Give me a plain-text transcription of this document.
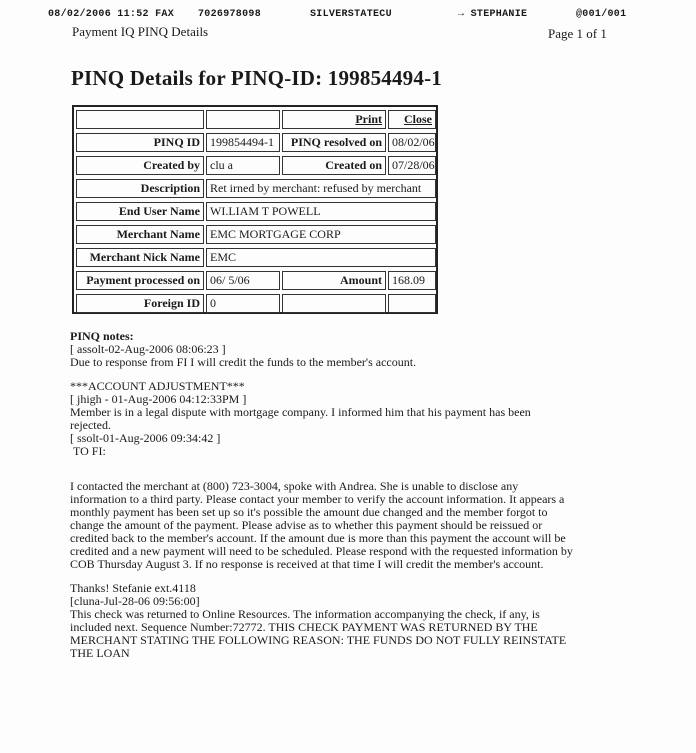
08/02/2006 11:52 FAX 7026978098	SILVERSTATECU	→ STEPHANIE	@001/001
Payment IQ PINQ Details	Page 1 of 1
PINQ Details for PINQ-ID: 199854494-1
Print	Close
PINQ ID 199854494-1	PINQ resolved on 08/02/06
Created by clu a	Created on 07/28/06
Description Ret irned by merchant: refused by merchant
End User Name WI.LIAM T POWELL
Merchant Name EMC MORTGAGE CORP
Merchant Nick Name EMC
Payment processed on 06/ 5/06	Amount 168.09
Foreign ID 0
PINQ notes:
[ assolt-02-Aug-2006 08:06:23 ]
Due to response from FI I will credit the funds to the member's account.
***ACCOUNT ADJUSTMENT***
[ jhigh - 01-Aug-2006 04:12:33PM ]
Member is in a legal dispute with mortgage company. I informed him that his payment has been
rejected.
[ ssolt-01-Aug-2006 09:34:42 ]
TO FI:
I contacted the merchant at (800) 723-3004, spoke with Andrea. She is unable to disclose any
information to a third party. Please contact your member to verify the account information. It appears a
monthly payment has been set up so it's possible the amount due changed and the member forgot to
change the amount of the payment. Please advise as to whether this payment should be reissued or
credited back to the member's account. If the amount due is more than this payment the account will be
credited and a new payment will need to be scheduled. Please respond with the requested information by
COB Thursday August 3. If no response is received at that time I will credit the member's account.
Thanks! Stefanie ext.4118
[cluna-Jul-28-06 09:56:00]
This check was returned to Online Resources. The information accompanying the check, if any, is
included next. Sequence Number:72772. THIS CHECK PAYMENT WAS RETURNED BY THE
MERCHANT STATING THE FOLLOWING REASON: THE FUNDS DO NOT FULLY REINSTATE
THE LOAN
